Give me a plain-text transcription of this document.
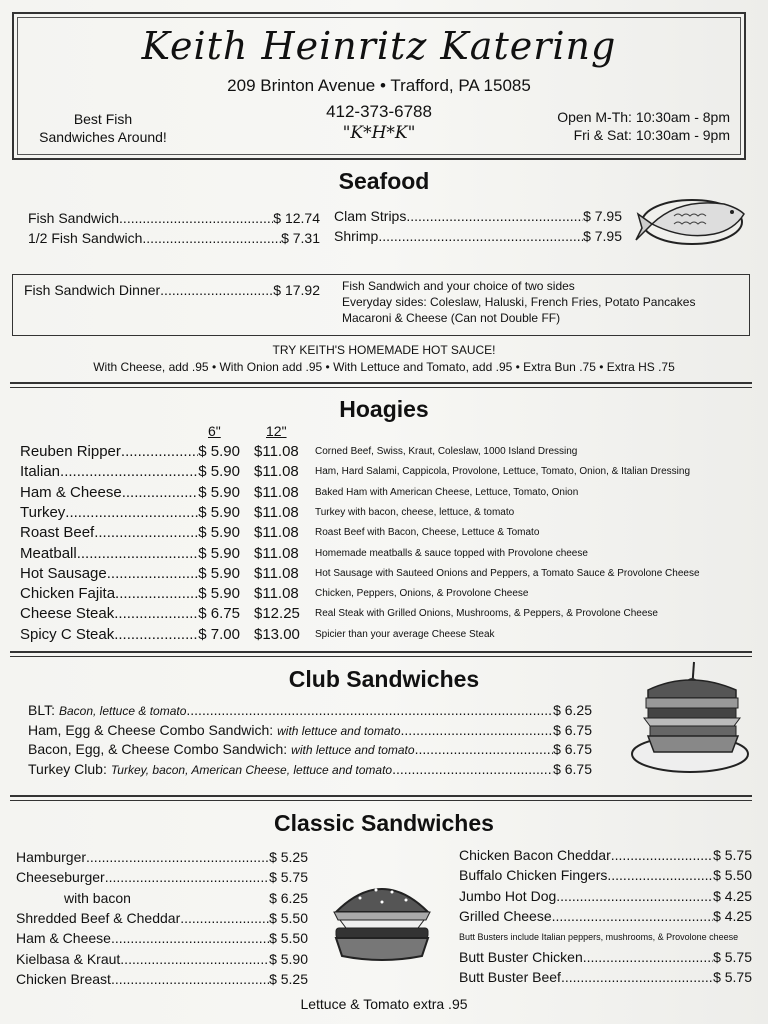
Keith Heinritz Katering
209 Brinton Avenue • Trafford, PA 15085
412-373-6788
"K*H*K"
Best Fish
Sandwiches Around!
Open M-Th: 10:30am - 8pm
Fri & Sat: 10:30am - 9pm
Seafood
Fish Sandwich .....	$ 12.74
1/2 Fish Sandwich .....	$ 7.31
Clam Strips .....	$ 7.95
Shrimp .....	$ 7.95
Fish Sandwich Dinner .....	$ 17.92 Fish Sandwich and your choice of two sides
Everyday sides: Coleslaw, Haluski, French Fries, Potato Pancakes
Macaroni & Cheese (Can not Double FF)
TRY KEITH'S HOMEMADE HOT SAUCE!
With Cheese, add .95 • With Onion add .95 • With Lettuce and Tomato, add .95 • Extra Bun .75 • Extra HS .75
Hoagies
6"	12"
Reuben Ripper .....	$ 5.90 $11.08 Corned Beef, Swiss, Kraut, Coleslaw, 1000 Island Dressing
Italian .....	$ 5.90 $11.08 Ham, Hard Salami, Cappicola, Provolone, Lettuce, Tomato, Onion, & Italian Dressing
Ham & Cheese .....	$ 5.90 $11.08 Baked Ham with American Cheese, Lettuce, Tomato, Onion
Turkey .....	$ 5.90 $11.08 Turkey with bacon, cheese, lettuce, & tomato
Roast Beef .....	$ 5.90 $11.08 Roast Beef with Bacon, Cheese, Lettuce & Tomato
Meatball .....	$ 5.90 $11.08 Homemade meatballs & sauce topped with Provolone cheese
Hot Sausage .....	$ 5.90 $11.08 Hot Sausage with Sauteed Onions and Peppers, a Tomato Sauce & Provolone Cheese
Chicken Fajita .....	$ 5.90 $11.08 Chicken, Peppers, Onions, & Provolone Cheese
Cheese Steak .....	$ 6.75 $12.25 Real Steak with Grilled Onions, Mushrooms, & Peppers, & Provolone Cheese
Spicy C Steak .....	$ 7.00 $13.00 Spicier than your average Cheese Steak
Club Sandwiches
BLT: Bacon, lettuce & tomato .....	$ 6.25
Ham, Egg & Cheese Combo Sandwich: with lettuce and tomato .....	$ 6.75
Bacon, Egg, & Cheese Combo Sandwich: with lettuce and tomato .....	$ 6.75
Turkey Club: Turkey, bacon, American Cheese, lettuce and tomato .....	$ 6.75
Classic Sandwiches
Hamburger .....	$ 5.25
Cheeseburger .....	$ 5.75
with bacon	$ 6.25
Shredded Beef & Cheddar .....	$ 5.50
Ham & Cheese .....	$ 5.50
Kielbasa & Kraut .....	$ 5.90
Chicken Breast .....	$ 5.25
Chicken Bacon Cheddar .....	$ 5.75
Buffalo Chicken Fingers .....	$ 5.50
Jumbo Hot Dog .....	$ 4.25
Grilled Cheese .....	$ 4.25
Butt Buster Chicken .....	$ 5.75
Butt Buster Beef .....	$ 5.75
Butt Busters include Italian peppers, mushrooms, & Provolone cheese
Lettuce & Tomato extra .95
